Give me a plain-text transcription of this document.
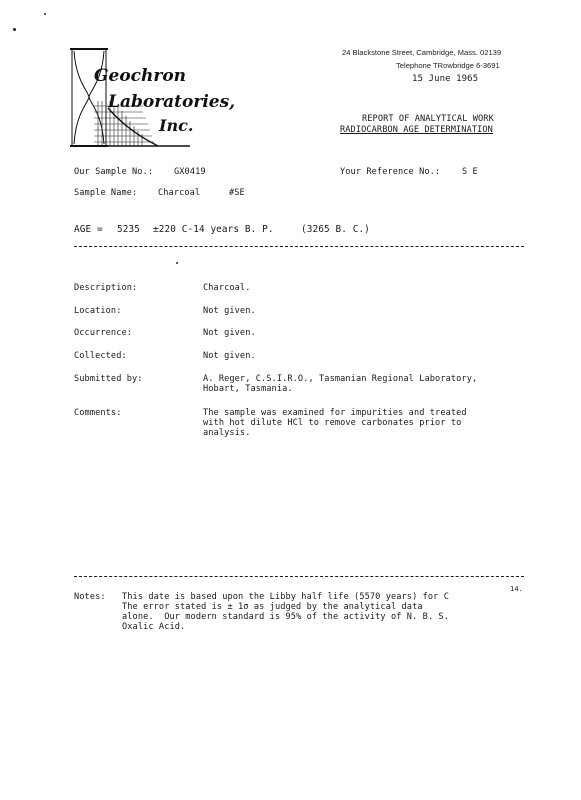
Geochron
Laboratories,
Inc.
24 Blackstone Street, Cambridge, Mass. 02139
Telephone TRowbridge 6-3691
15 June 1965
REPORT OF ANALYTICAL WORK
RADIOCARBON AGE DETERMINATION
Our Sample No.: GX0419	Your Reference No.:	S E
Sample Name: Charcoal	#SE
AGE = 5235 ±220 C-14 years B. P.	(3265 B. C.)
Description:	Charcoal.
Location:	Not given.
Occurrence:	Not given.
Collected:	Not given.
Submitted by:	A. Reger, C.S.I.R.O., Tasmanian Regional Laboratory,
Hobart, Tasmania.
Comments:	The sample was examined for impurities and treated
with hot dilute HCl to remove carbonates prior to
analysis.
Notes: This date is based upon the Libby half life (5570 years) for C
The error stated is ± 1σ as judged by the analytical data
alone.  Our modern standard is 95% of the activity of N. B. S.
Oxalic Acid.
14.
